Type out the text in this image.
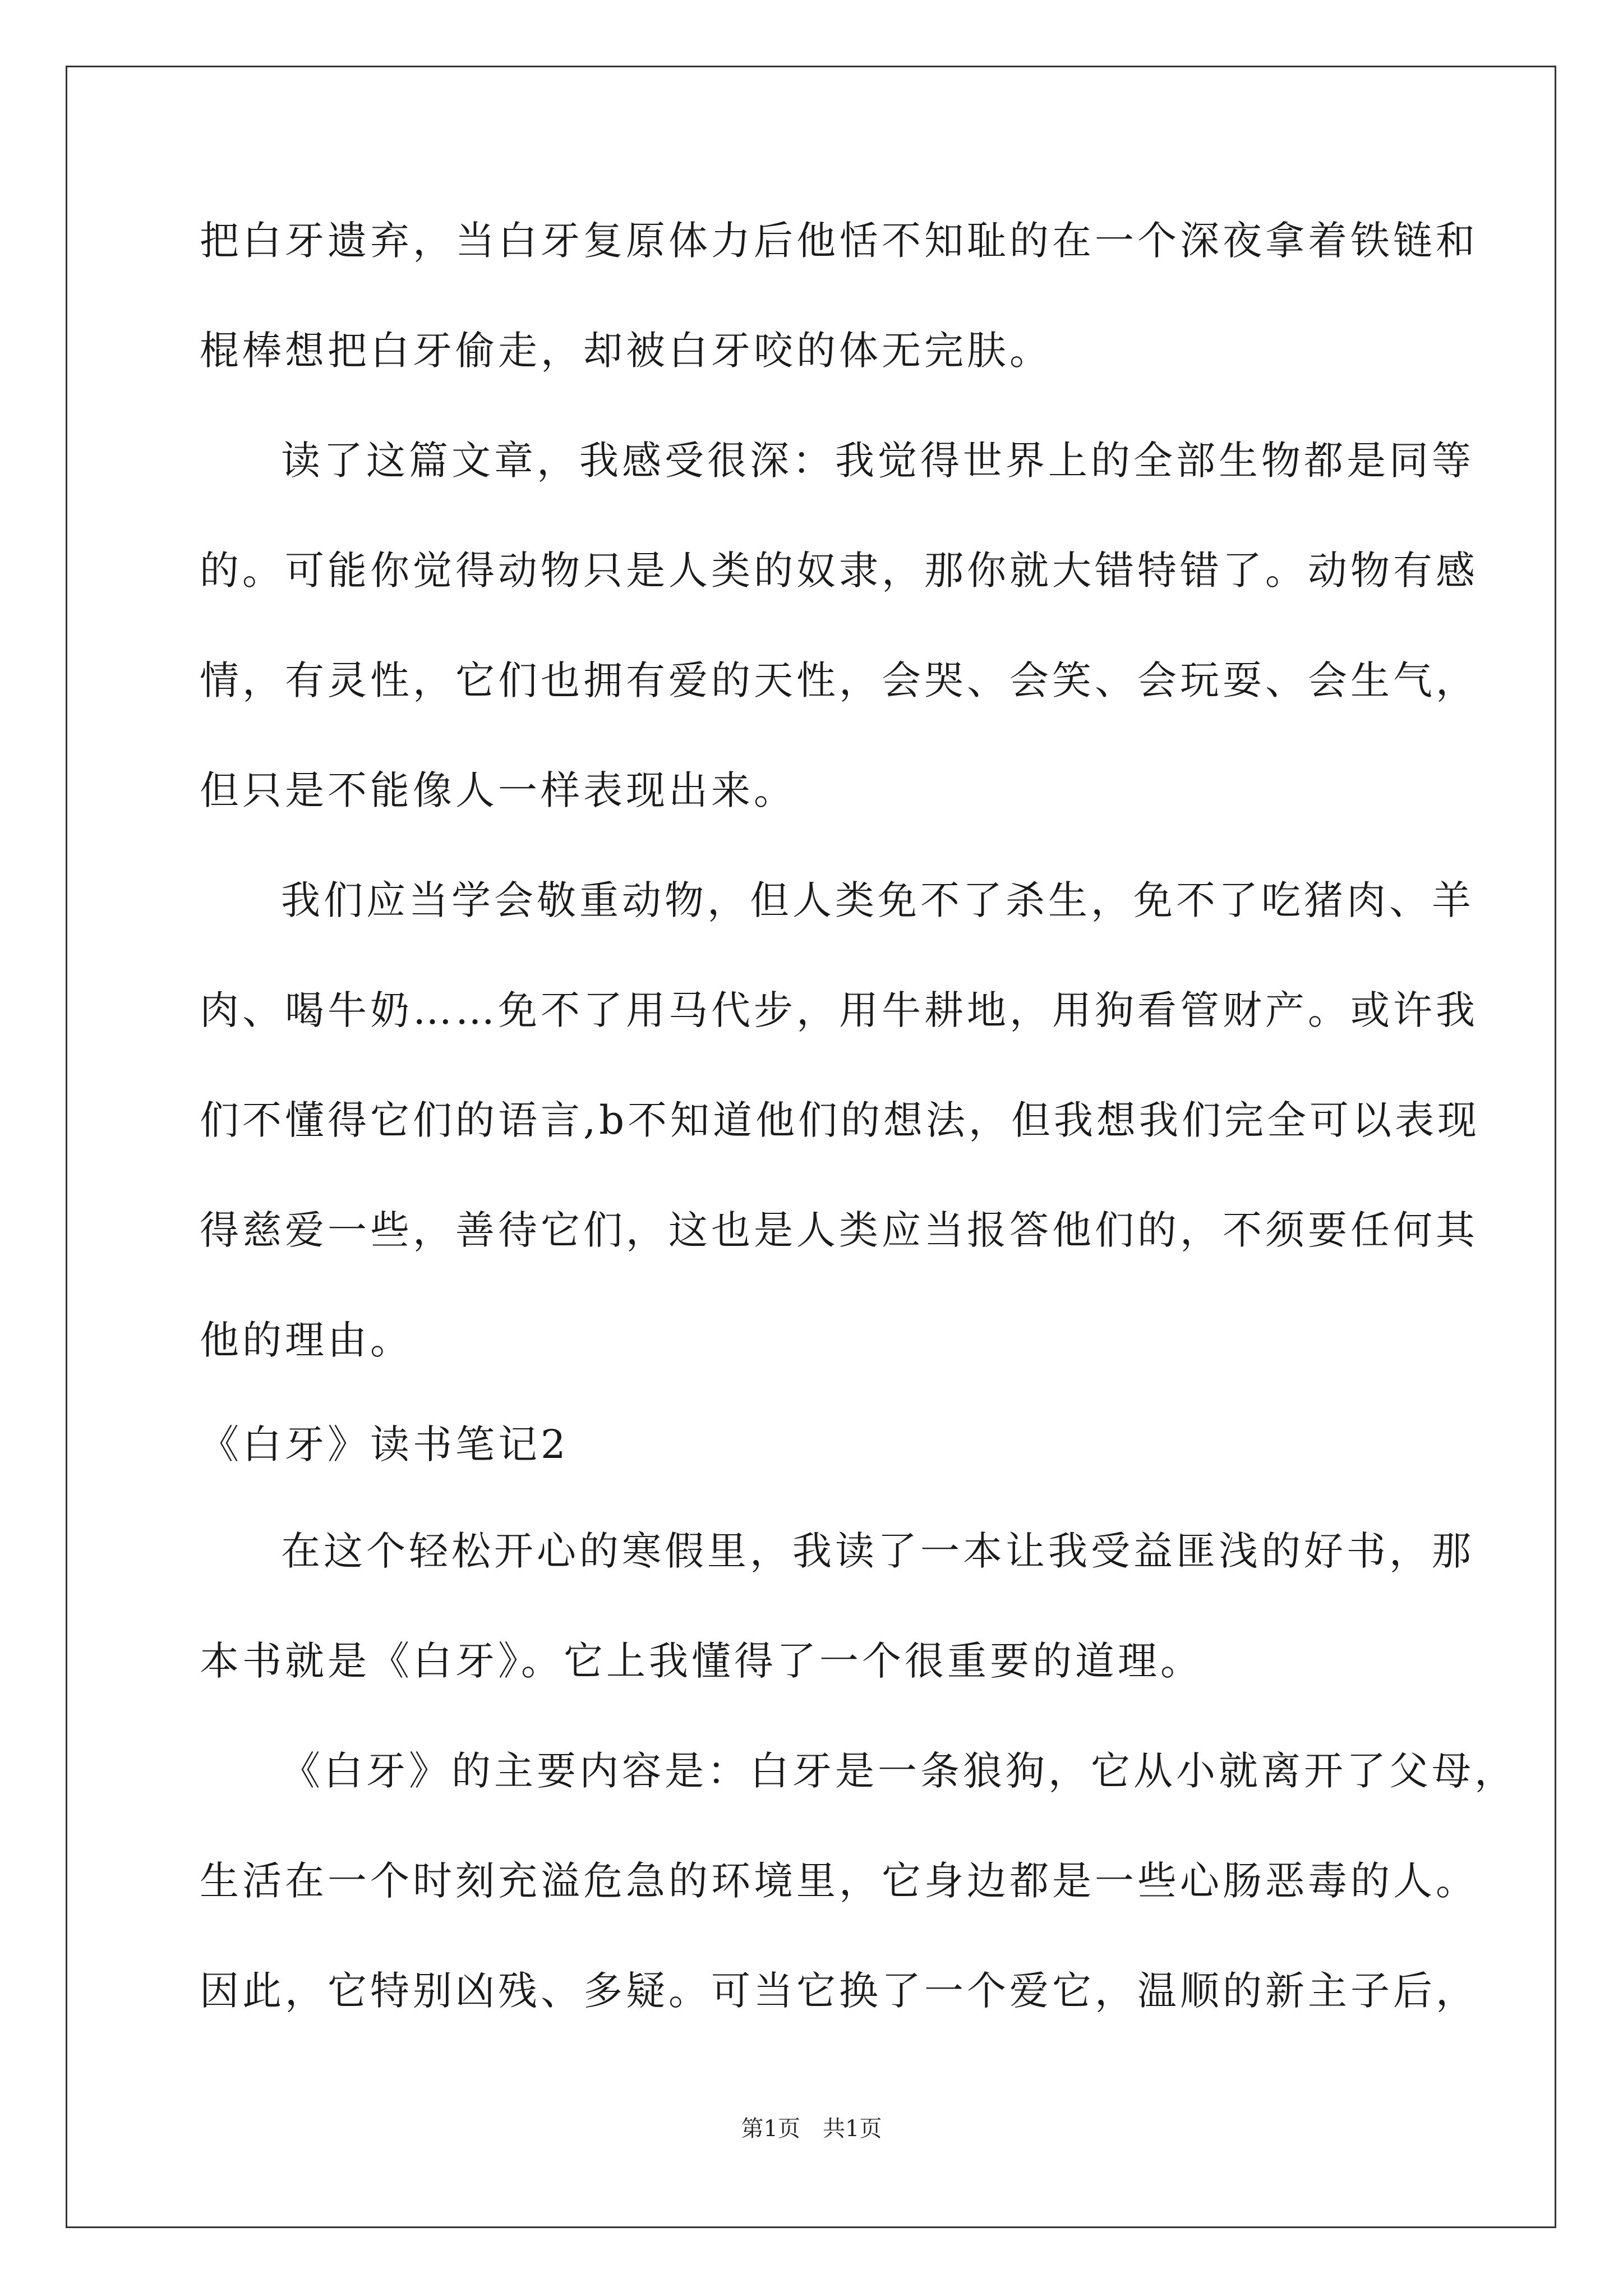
把白牙遗弃，当白牙复原体力后他恬不知耻的在一个深夜拿着铁链和
棍棒想把白牙偷走，却被白牙咬的体无完肤。
读了这篇文章，我感受很深：我觉得世界上的全部生物都是同等
的。可能你觉得动物只是人类的奴隶，那你就大错特错了。动物有感
情，有灵性，它们也拥有爱的天性，会哭、会笑、会玩耍、会生气，
但只是不能像人一样表现出来。
我们应当学会敬重动物，但人类免不了杀生，免不了吃猪肉、羊
肉、喝牛奶……免不了用马代步，用牛耕地，用狗看管财产。或许我
们不懂得它们的语言,b不知道他们的想法，但我想我们完全可以表现
得慈爱一些，善待它们，这也是人类应当报答他们的，不须要任何其
他的理由。
《白牙》读书笔记2
在这个轻松开心的寒假里，我读了一本让我受益匪浅的好书，那
本书就是《白牙》。它上我懂得了一个很重要的道理。
《白牙》的主要内容是：白牙是一条狼狗，它从小就离开了父母，
生活在一个时刻充溢危急的环境里，它身边都是一些心肠恶毒的人。
因此，它特别凶残、多疑。可当它换了一个爱它，温顺的新主子后，
第1页　共1页
